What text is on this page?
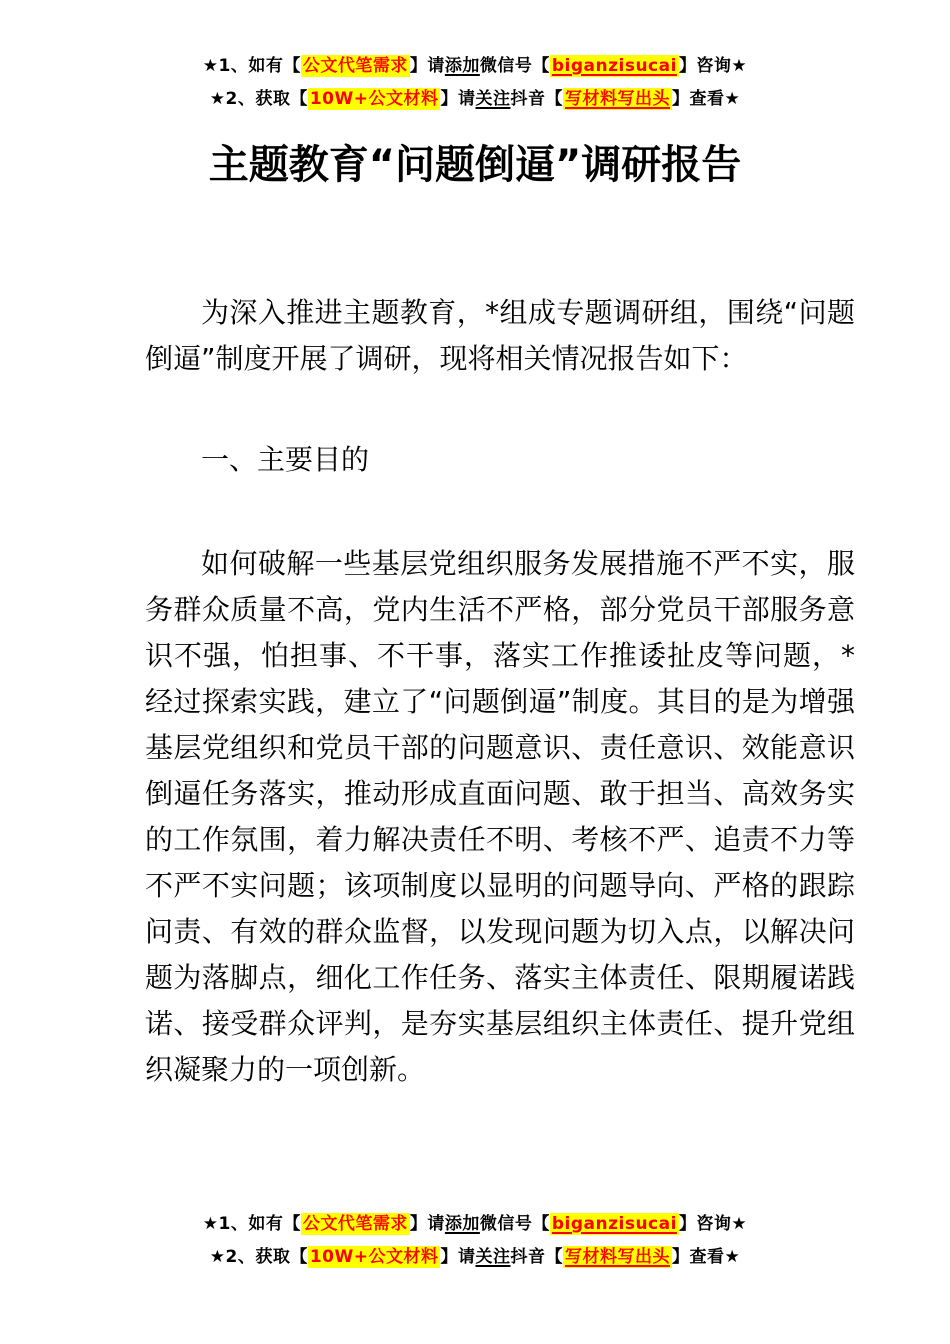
★1、如有【 公文代笔需求 】请添加微信号【 biganzisucai 】咨询★
★2、获取【 10W+公文材料 】请关注抖音【 写材料写出头 】查看★
主题教育“问题倒逼”调研报告

为深入推进主题教育，*组成专题调研组，围绕“问题倒逼”制度开展了调研，现将相关情况报告如下：

一、主要目的

如何破解一些基层党组织服务发展措施不严不实，服务群众质量不高，党内生活不严格，部分党员干部服务意识不强，怕担事、不干事，落实工作推诿扯皮等问题，*经过探索实践，建立了“问题倒逼”制度。其目的是为增强基层党组织和党员干部的问题意识、责任意识、效能意识倒逼任务落实，推动形成直面问题、敢于担当、高效务实的工作氛围，着力解决责任不明、考核不严、追责不力等不严不实问题；该项制度以显明的问题导向、严格的跟踪问责、有效的群众监督，以发现问题为切入点，以解决问题为落脚点，细化工作任务、落实主体责任、限期履诺践诺、接受群众评判，是夯实基层组织主体责任、提升党组织凝聚力的一项创新。

★1、如有【 公文代笔需求 】请添加微信号【 biganzisucai 】咨询★
★2、获取【 10W+公文材料 】请关注抖音【 写材料写出头 】查看★
